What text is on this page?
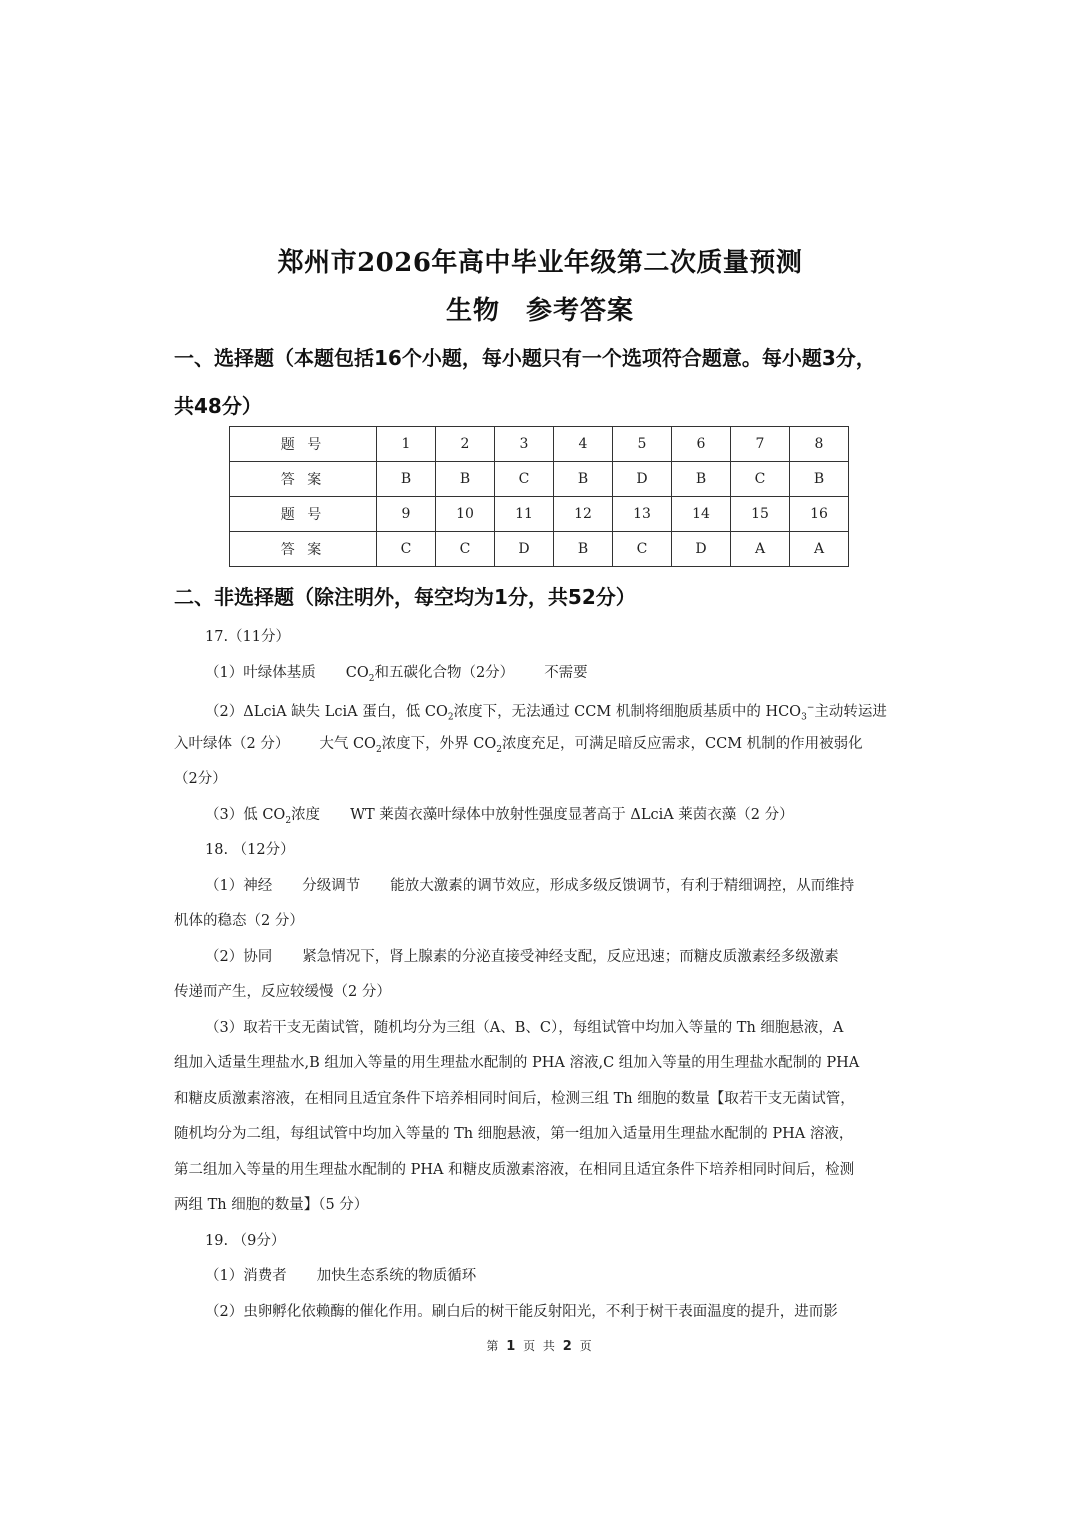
郑州市2026年高中毕业年级第二次质量预测
生物 参考答案
一、选择题（本题包括16个小题，每小题只有一个选项符合题意。每小题3分，
共48分）
题 号	1	2	3	4	5	6	7	8
答 案	B	B	C	B	D	B	C	B
题 号	9	10	11	12	13	14	15	16
答 案	C	C	D	B	C	D	A	A
二、非选择题（除注明外，每空均为1分，共52分）
17.（11分）
（1）叶绿体基质 $CO_2$和五碳化合物（2分） 不需要
（2）ΔLciA 缺失 LciA 蛋白，低 $CO_2$浓度下，无法通过 CCM 机制将细胞质基质中的 $HCO_3^-$主动转运进
入叶绿体（2 分） 大气 $CO_2$浓度下，外界 $CO_2$浓度充足，可满足暗反应需求，CCM 机制的作用被弱化
（2分）
（3）低 $CO_2$浓度 WT 莱茵衣藻叶绿体中放射性强度显著高于 ΔLciA 莱茵衣藻（2 分）
18. （12分）
（1）神经 分级调节 能放大激素的调节效应，形成多级反馈调节，有利于精细调控，从而维持
机体的稳态（2 分）
（2）协同 紧急情况下，肾上腺素的分泌直接受神经支配，反应迅速；而糖皮质激素经多级激素
传递而产生，反应较缓慢（2 分）
（3）取若干支无菌试管，随机均分为三组（A、B、C），每组试管中均加入等量的 Th 细胞悬液，A
组加入适量生理盐水,B 组加入等量的用生理盐水配制的 PHA 溶液,C 组加入等量的用生理盐水配制的 PHA
和糖皮质激素溶液，在相同且适宜条件下培养相同时间后，检测三组 Th 细胞的数量【取若干支无菌试管，
随机均分为二组，每组试管中均加入等量的 Th 细胞悬液，第一组加入适量用生理盐水配制的 PHA 溶液，
第二组加入等量的用生理盐水配制的 PHA 和糖皮质激素溶液，在相同且适宜条件下培养相同时间后，检测
两组 Th 细胞的数量】（5 分）
19. （9分）
（1）消费者 加快生态系统的物质循环
（2）虫卵孵化依赖酶的催化作用。刷白后的树干能反射阳光，不利于树干表面温度的提升，进而影
第 1 页 共 2 页
